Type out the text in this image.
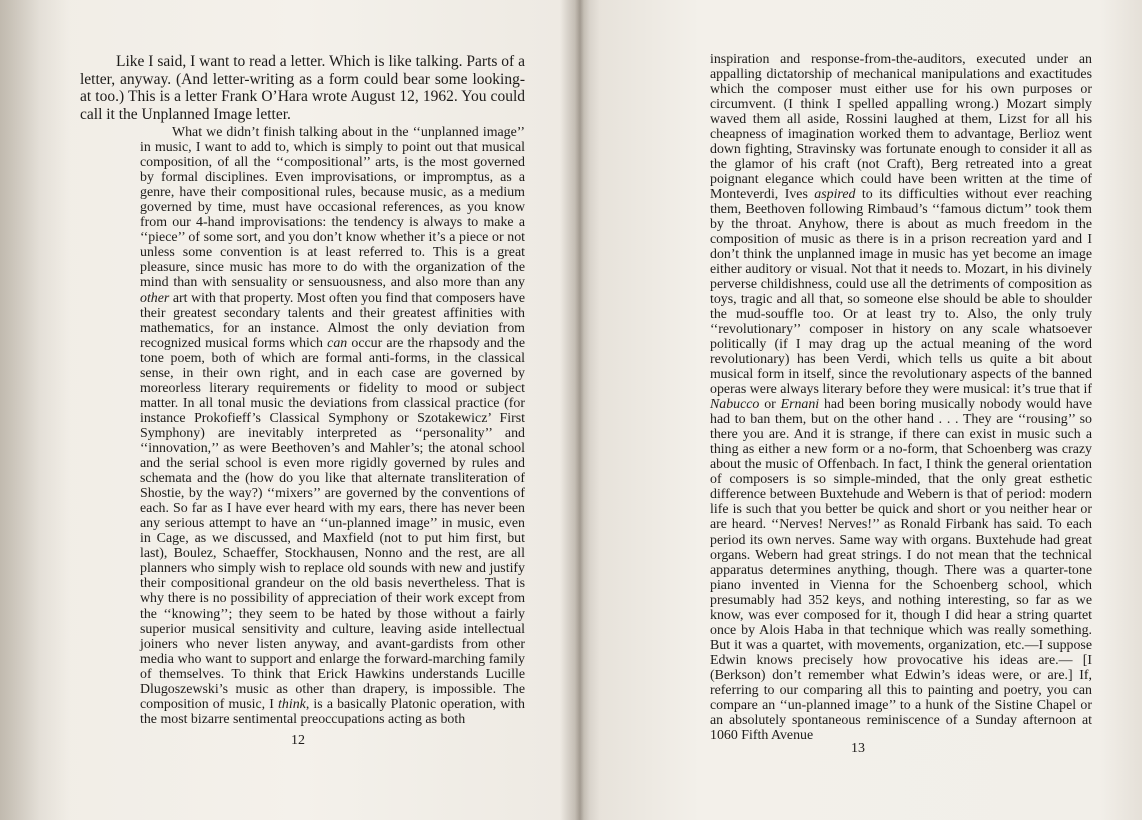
Like I said, I want to read a letter. Which is like talking. Parts of a letter, anyway. (And letter-writing as a form could bear some looking-at too.) This is a letter Frank O’Hara wrote August 12, 1962. You could call it the Unplanned Image letter.

What we didn’t finish talking about in the ‘‘unplanned image’’ in music, I want to add to, which is simply to point out that musical composition, of all the ‘‘compositional’’ arts, is the most governed by formal disciplines. Even improvisations, or impromptus, as a genre, have their compositional rules, because music, as a medium governed by time, must have occasional references, as you know from our 4-hand improvisations: the tendency is always to make a ‘‘piece’’ of some sort, and you don’t know whether it’s a piece or not unless some convention is at least referred to. This is a great pleasure, since music has more to do with the organization of the mind than with sensuality or sensuousness, and also more than any other art with that property. Most often you find that composers have their greatest secondary talents and their greatest affinities with mathematics, for an instance. Almost the only deviation from recognized musical forms which can occur are the rhapsody and the tone poem, both of which are formal anti-forms, in the classical sense, in their own right, and in each case are governed by moreorless literary requirements or fidelity to mood or subject matter. In all tonal music the deviations from classical practice (for instance Prokofieff’s Classical Symphony or Szotakewicz’ First Symphony) are inevitably interpreted as ‘‘personality’’ and ‘‘innovation,’’ as were Beethoven’s and Mahler’s; the atonal school and the serial school is even more rigidly governed by rules and schemata and the (how do you like that alternate transliteration of Shostie, by the way?) ‘‘mixers’’ are governed by the conventions of each. So far as I have ever heard with my ears, there has never been any serious attempt to have an ‘‘un-planned image’’ in music, even in Cage, as we discussed, and Maxfield (not to put him first, but last), Boulez, Schaeffer, Stockhausen, Nonno and the rest, are all planners who simply wish to replace old sounds with new and justify their compositional grandeur on the old basis nevertheless. That is why there is no possibility of appreciation of their work except from the ‘‘knowing’’; they seem to be hated by those without a fairly superior musical sensitivity and culture, leaving aside intellectual joiners who never listen anyway, and avant-gardists from other media who want to support and enlarge the forward-marching family of themselves. To think that Erick Hawkins understands Lucille Dlugoszewski’s music as other than drapery, is impossible. The composition of music, I think, is a basically Platonic operation, with the most bizarre sentimental preoccupations acting as both

12

inspiration and response-from-the-auditors, executed under an appalling dictatorship of mechanical manipulations and exactitudes which the composer must either use for his own purposes or circumvent. (I think I spelled appalling wrong.) Mozart simply waved them all aside, Rossini laughed at them, Lizst for all his cheapness of imagination worked them to advantage, Berlioz went down fighting, Stravinsky was fortunate enough to consider it all as the glamor of his craft (not Craft), Berg retreated into a great poignant elegance which could have been written at the time of Monteverdi, Ives aspired to its difficulties without ever reaching them, Beethoven following Rimbaud’s ‘‘famous dictum’’ took them by the throat. Anyhow, there is about as much freedom in the composition of music as there is in a prison recreation yard and I don’t think the unplanned image in music has yet become an image either auditory or visual. Not that it needs to. Mozart, in his divinely perverse childishness, could use all the detriments of composition as toys, tragic and all that, so someone else should be able to shoulder the mud-souffle too. Or at least try to. Also, the only truly ‘‘revolutionary’’ composer in history on any scale whatsoever politically (if I may drag up the actual meaning of the word revolutionary) has been Verdi, which tells us quite a bit about musical form in itself, since the revolutionary aspects of the banned operas were always literary before they were musical: it’s true that if Nabucco or Ernani had been boring musically nobody would have had to ban them, but on the other hand . . . They are ‘‘rousing’’ so there you are. And it is strange, if there can exist in music such a thing as either a new form or a no-form, that Schoenberg was crazy about the music of Offenbach. In fact, I think the general orientation of composers is so simple-minded, that the only great esthetic difference between Buxtehude and Webern is that of period: modern life is such that you better be quick and short or you neither hear or are heard. ‘‘Nerves! Nerves!’’ as Ronald Firbank has said. To each period its own nerves. Same way with organs. Buxtehude had great organs. Webern had great strings. I do not mean that the technical apparatus determines anything, though. There was a quarter-tone piano invented in Vienna for the Schoenberg school, which presumably had 352 keys, and nothing interesting, so far as we know, was ever composed for it, though I did hear a string quartet once by Alois Haba in that technique which was really something. But it was a quartet, with movements, organization, etc.—I suppose Edwin knows precisely how provocative his ideas are.— [I (Berkson) don’t remember what Edwin’s ideas were, or are.] If, referring to our comparing all this to painting and poetry, you can compare an ‘‘un-planned image’’ to a hunk of the Sistine Chapel or an absolutely spontaneous reminiscence of a Sunday afternoon at 1060 Fifth Avenue

13
